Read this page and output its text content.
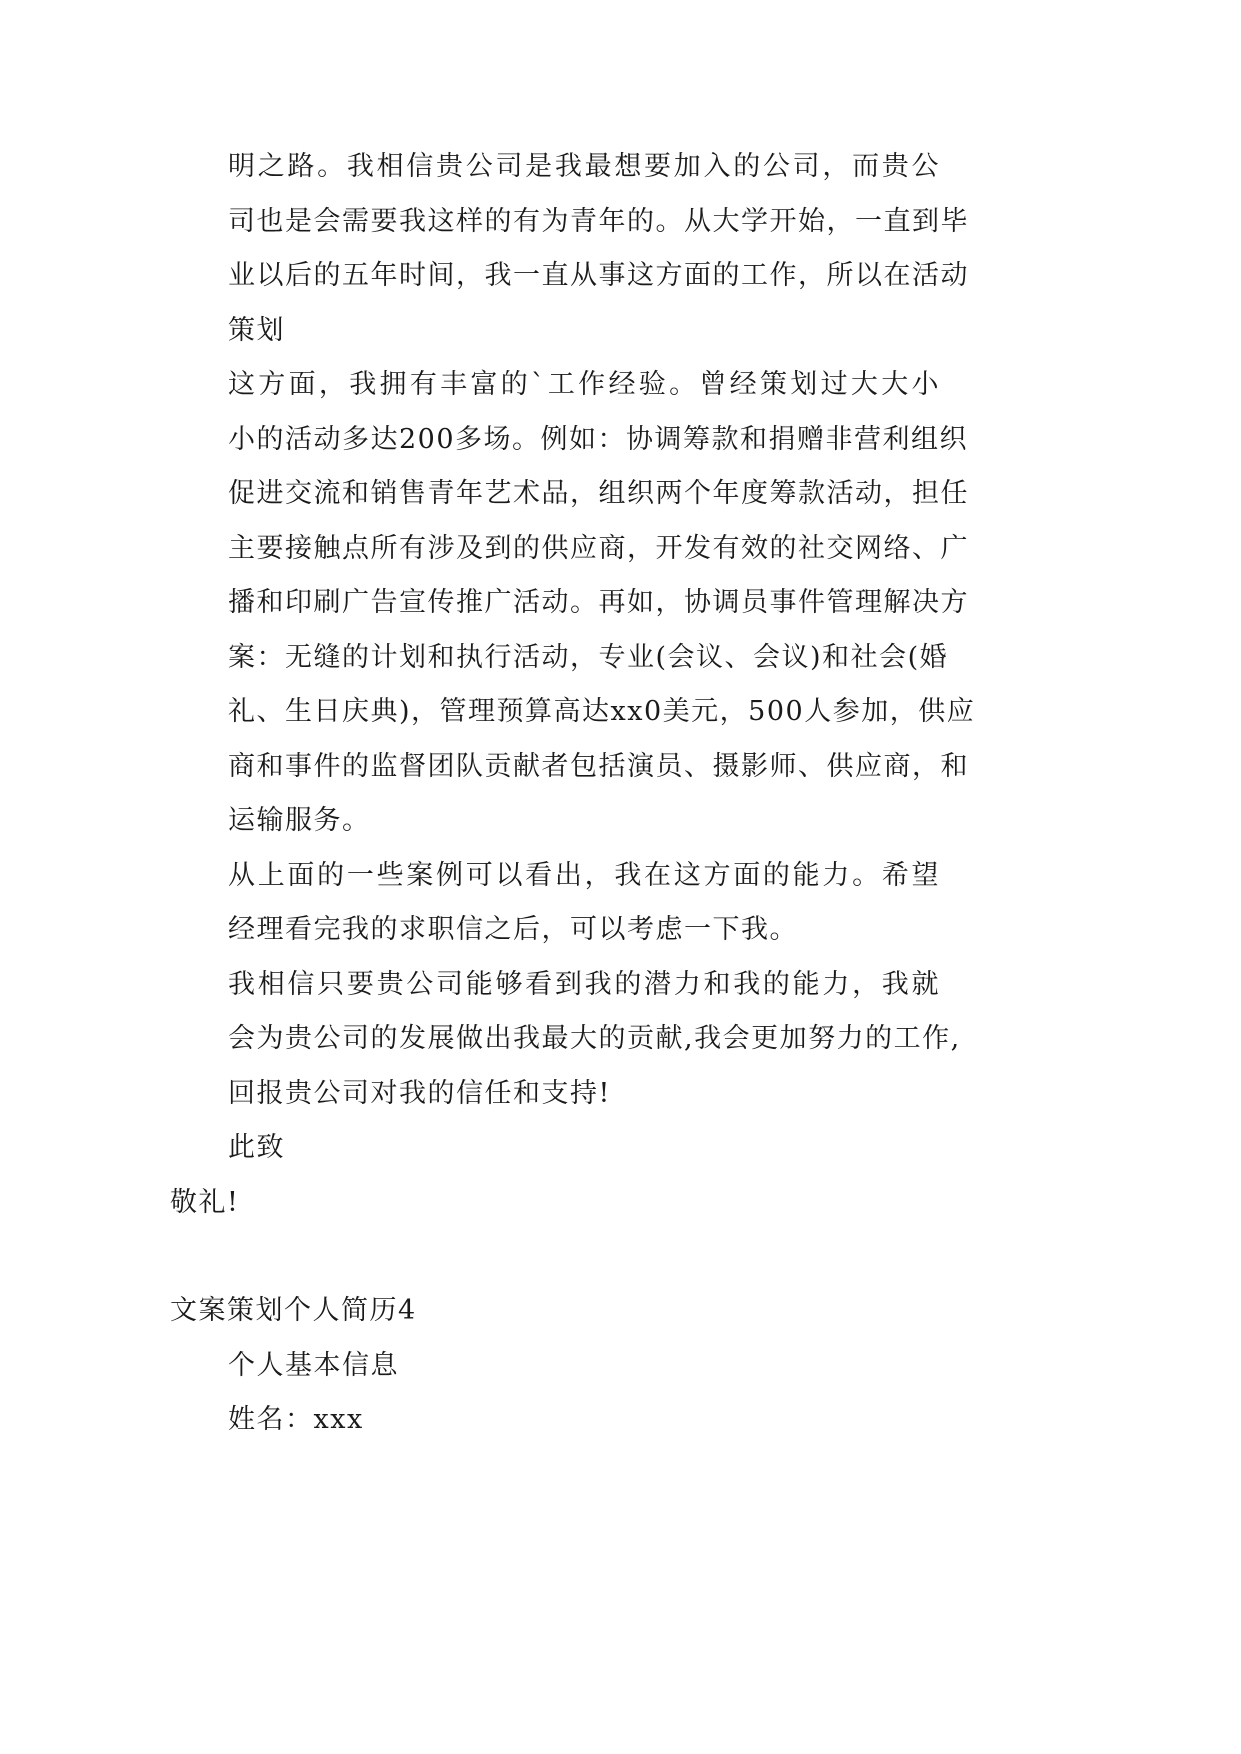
明之路。我相信贵公司是我最想要加入的公司，而贵公
司也是会需要我这样的有为青年的。从大学开始，一直到毕
业以后的五年时间，我一直从事这方面的工作，所以在活动
策划

这方面，我拥有丰富的`工作经验。曾经策划过大大小
小的活动多达200多场。例如：协调筹款和捐赠非营利组织
促进交流和销售青年艺术品，组织两个年度筹款活动，担任
主要接触点所有涉及到的供应商，开发有效的社交网络、广
播和印刷广告宣传推广活动。再如，协调员事件管理解决方
案：无缝的计划和执行活动，专业(会议、会议)和社会(婚
礼、生日庆典)，管理预算高达xx0美元，500人参加，供应
商和事件的监督团队贡献者包括演员、摄影师、供应商，和
运输服务。

从上面的一些案例可以看出，我在这方面的能力。希望
经理看完我的求职信之后，可以考虑一下我。

我相信只要贵公司能够看到我的潜力和我的能力，我就
会为贵公司的发展做出我最大的贡献,我会更加努力的工作,
回报贵公司对我的信任和支持!

此致

敬礼!

文案策划个人简历4

个人基本信息

姓名：xxx
